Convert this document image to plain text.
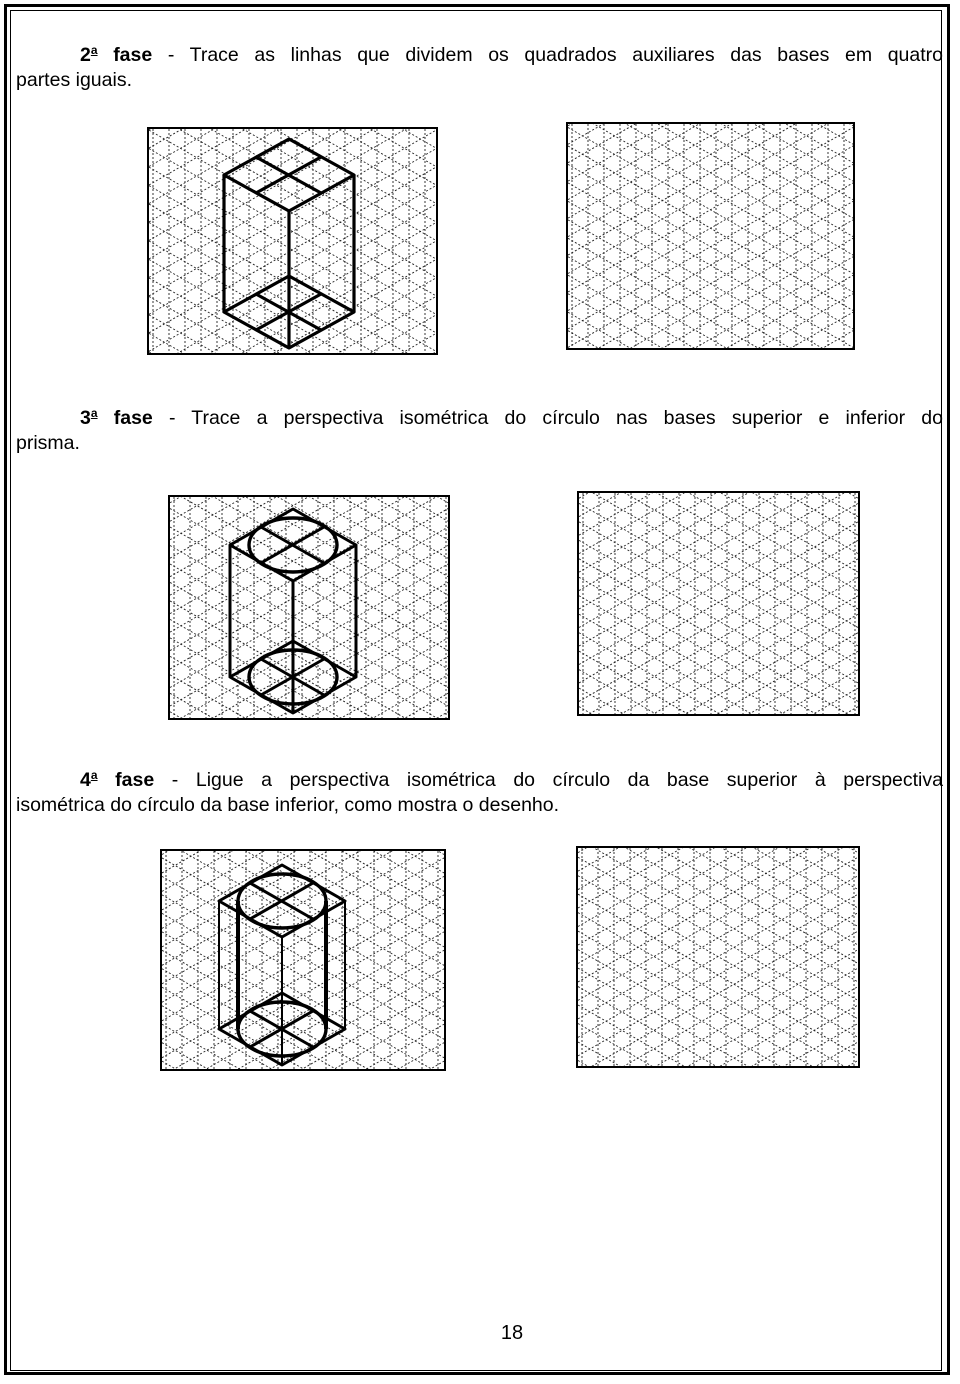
2$^a$ fase - Trace as linhas que dividem os quadrados auxiliares das bases em quatro
partes iguais.
3$^a$ fase - Trace a perspectiva isométrica do círculo nas bases superior e inferior do
prisma.
4$^a$ fase - Ligue a perspectiva isométrica do círculo da base superior à perspectiva
isométrica do círculo da base inferior, como mostra o desenho.
18
